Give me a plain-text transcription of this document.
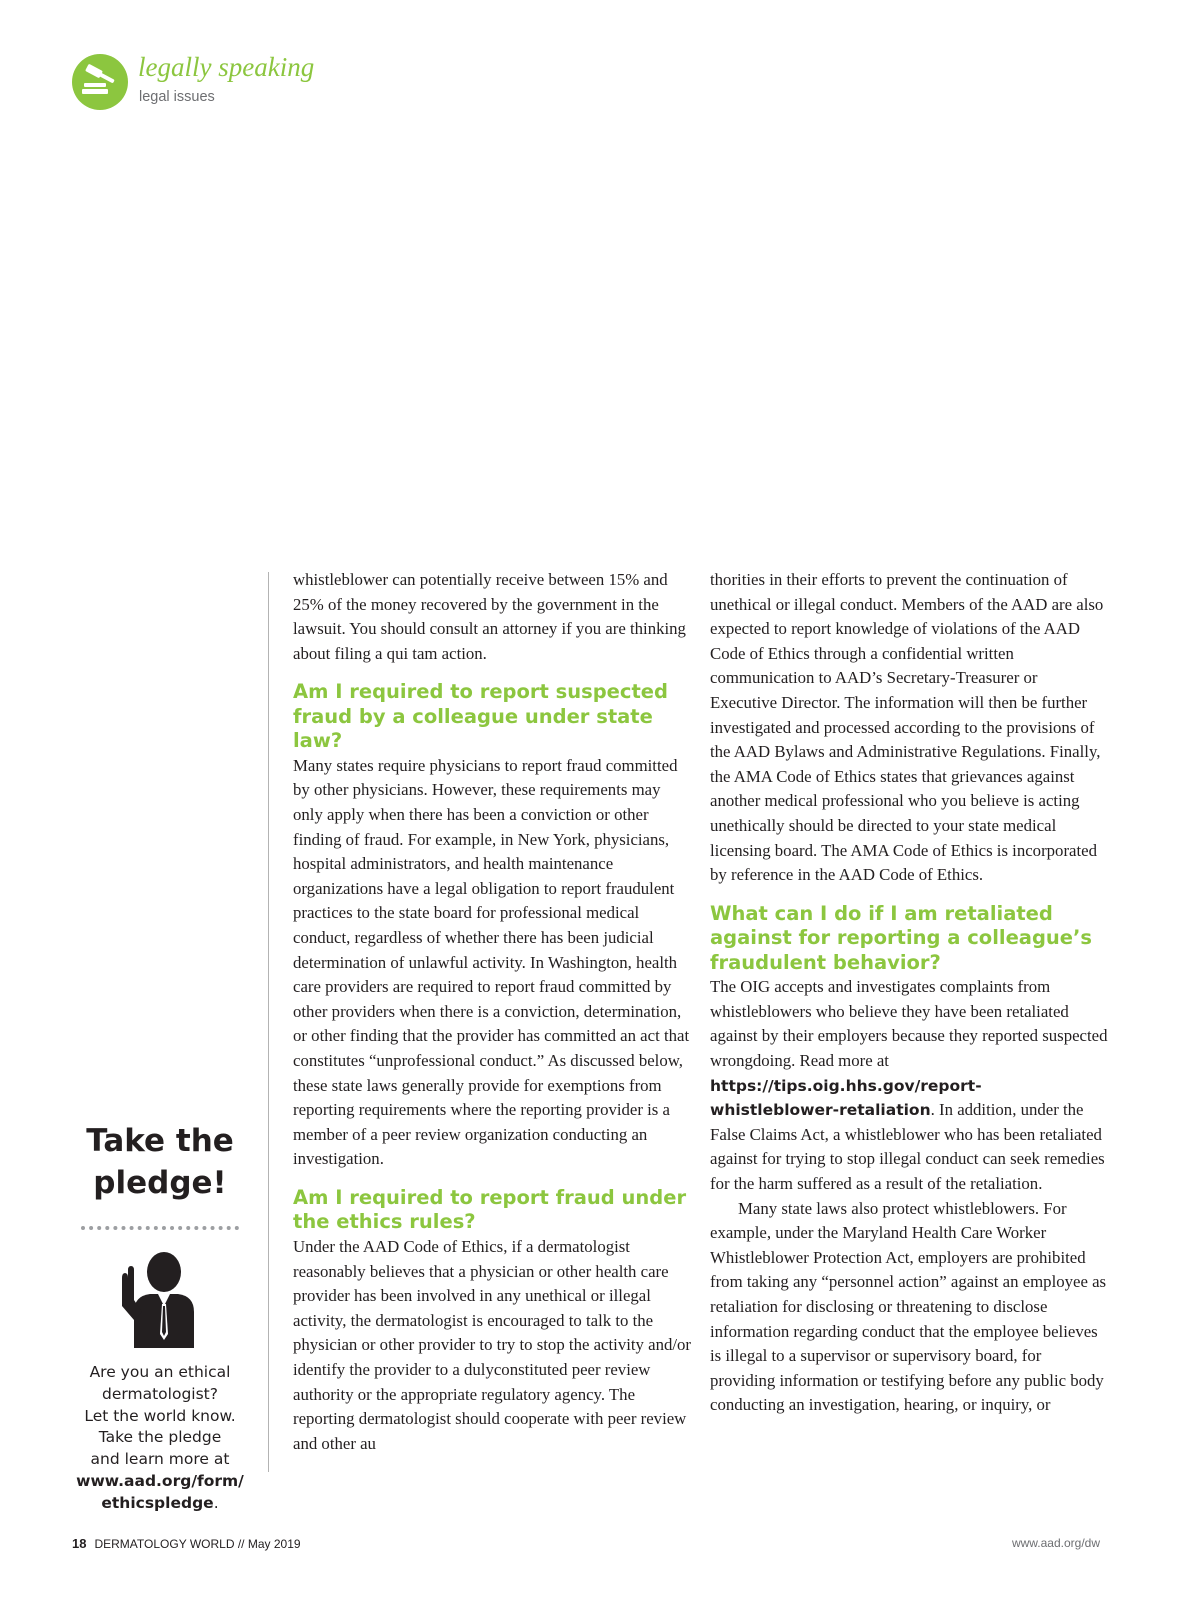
legally speaking
legal issues
Take the
pledge!
Are you an ethical
dermatologist?
Let the world know.
Take the pledge
and learn more at
www.aad.org/form/
ethicspledge.

whistleblower can potentially receive between 15% and 25% of the money recovered by the government in the lawsuit. You should consult an attorney if you are thinking about filing a qui tam action.

Am I required to report suspected fraud by a colleague under state law?

Many states require physicians to report fraud committed by other physicians. However, these requirements may only apply when there has been a conviction or other finding of fraud. For example, in New York, physicians, hospital administrators, and health maintenance organizations have a legal obligation to report fraudulent practices to the state board for professional medical conduct, regardless of whether there has been judicial determination of unlawful activity. In Washington, health care providers are required to report fraud committed by other providers when there is a conviction, determination, or other finding that the provider has committed an act that constitutes “unprofessional conduct.” As discussed below, these state laws generally provide for exemptions from reporting requirements where the reporting provider is a member of a peer review organization conducting an investigation.

Am I required to report fraud under the ethics rules?

Under the AAD Code of Ethics, if a dermatologist reasonably believes that a physician or other health care provider has been involved in any unethical or illegal activity, the dermatologist is encouraged to talk to the physician or other provider to try to stop the activity and/or identify the provider to a dulyconstituted peer review authority or the appropriate regulatory agency. The reporting dermatologist should cooperate with peer review and other au

thorities in their efforts to prevent the continuation of unethical or illegal conduct. Members of the AAD are also expected to report knowledge of violations of the AAD Code of Ethics through a confidential written communication to AAD’s Secretary-Treasurer or Executive Director. The information will then be further investigated and processed according to the provisions of the AAD Bylaws and Administrative Regulations. Finally, the AMA Code of Ethics states that grievances against another medical professional who you believe is acting unethically should be directed to your state medical licensing board. The AMA Code of Ethics is incorporated by reference in the AAD Code of Ethics.

What can I do if I am retaliated against for reporting a colleague’s fraudulent behavior?

The OIG accepts and investigates complaints from whistleblowers who believe they have been retaliated against by their employers because they reported suspected wrongdoing. Read more at https://tips.oig.hhs.gov/report-whistleblower-retaliation. In addition, under the False Claims Act, a whistleblower who has been retaliated against for trying to stop illegal conduct can seek remedies for the harm suffered as a result of the retaliation.

Many state laws also protect whistleblowers. For example, under the Maryland Health Care Worker Whistleblower Protection Act, employers are prohibited from taking any “personnel action” against an employee as retaliation for disclosing or threatening to disclose information regarding conduct that the employee believes is illegal to a supervisor or supervisory board, for providing information or testifying before any public body conducting an investigation, hearing, or inquiry, or

18 DERMATOLOGY WORLD // May 2019	www.aad.org/dw
